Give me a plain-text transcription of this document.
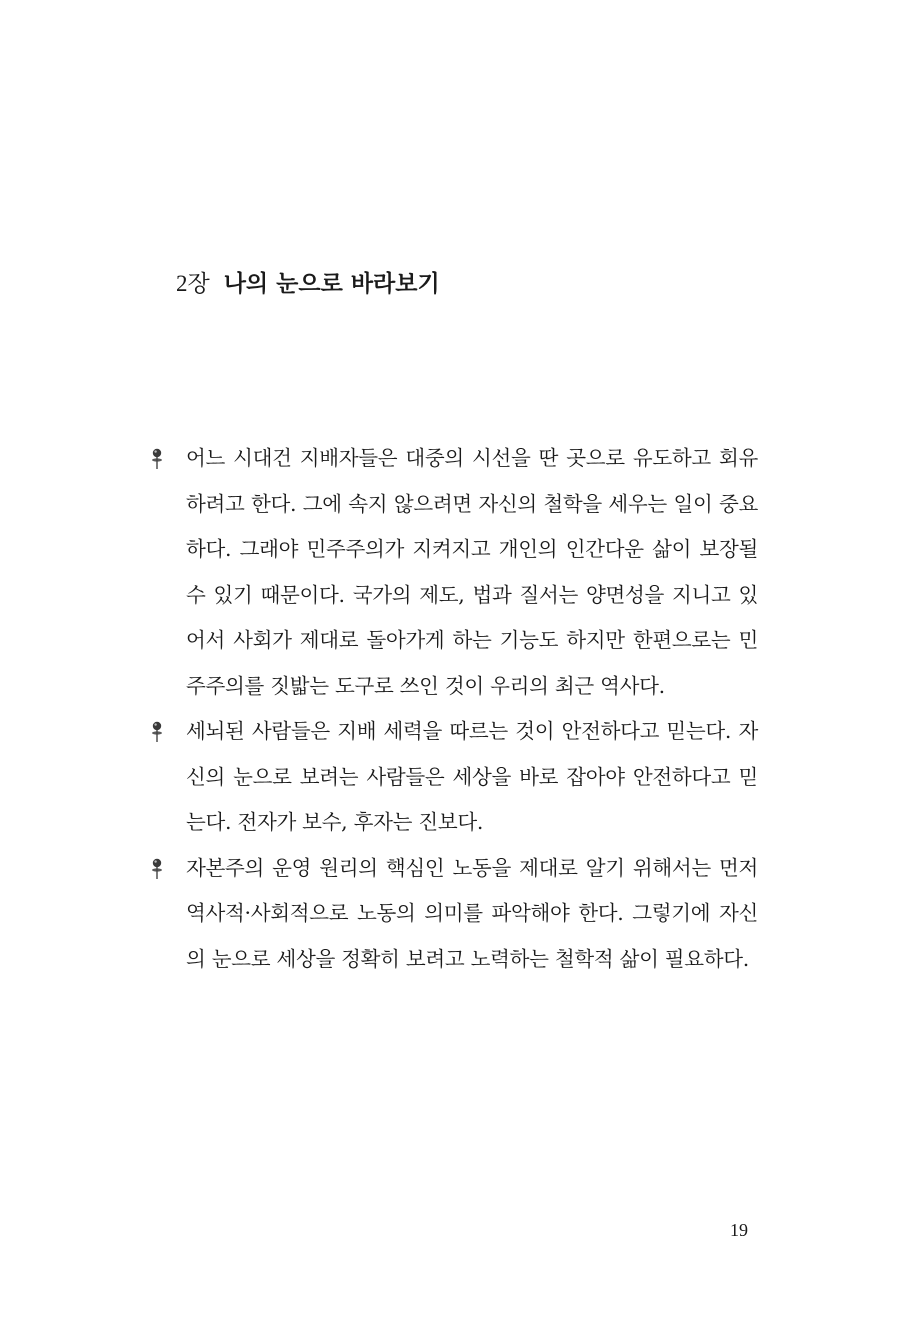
2장 나의 눈으로 바라보기
어느 시대건 지배자들은 대중의 시선을 딴 곳으로 유도하고 회유하려고 한다. 그에 속지 않으려면 자신의 철학을 세우는 일이 중요하다. 그래야 민주주의가 지켜지고 개인의 인간다운 삶이 보장될 수 있기 때문이다. 국가의 제도, 법과 질서는 양면성을 지니고 있어서 사회가 제대로 돌아가게 하는 기능도 하지만 한편으로는 민주주의를 짓밟는 도구로 쓰인 것이 우리의 최근 역사다.
세뇌된 사람들은 지배 세력을 따르는 것이 안전하다고 믿는다. 자신의 눈으로 보려는 사람들은 세상을 바로 잡아야 안전하다고 믿는다. 전자가 보수, 후자는 진보다.
자본주의 운영 원리의 핵심인 노동을 제대로 알기 위해서는 먼저 역사적·사회적으로 노동의 의미를 파악해야 한다. 그렇기에 자신의 눈으로 세상을 정확히 보려고 노력하는 철학적 삶이 필요하다.
19
